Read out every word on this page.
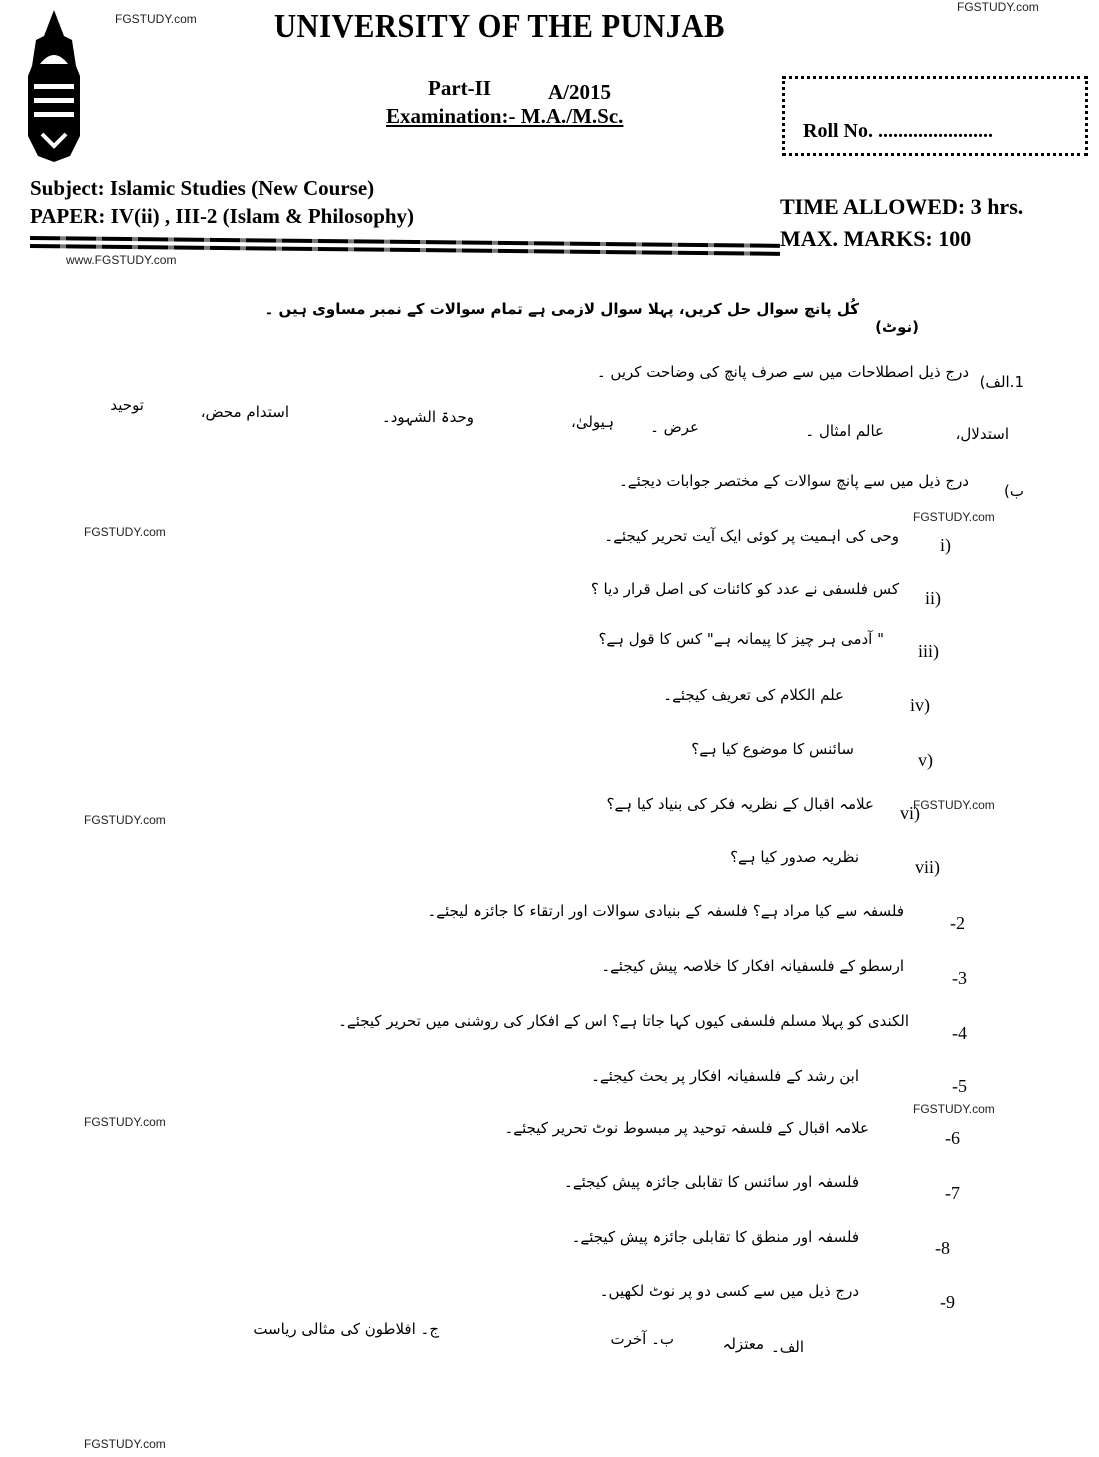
FGSTUDY.com
www.FGSTUDY.com
FGSTUDY.com
FGSTUDY.com
FGSTUDY.com
FGSTUDY.com
FGSTUDY.com
FGSTUDY.com
FGSTUDY.com
FGSTUDY.com
UNIVERSITY OF THE PUNJAB
Part-II	A/2015
Examination:- M.A./M.Sc.
Roll No. .......................
Subject: Islamic Studies (New Course)
PAPER: IV(ii) , III-2 (Islam & Philosophy)	TIME ALLOWED: 3 hrs.
MAX. MARKS: 100
(نوٹ)
کُل پانچ سوال حل کریں، پہلا سوال لازمی ہے تمام سوالات کے نمبر مساوی ہیں ۔
1.الف)
درج ذیل اصطلاحات میں سے صرف پانچ کی وضاحت کریں ۔
استدلال،
عالم امثال ۔
عرض ۔
ہیولیٰ،
وحدۃ الشہود۔
استدام محض،
توحید
ب)
درج ذیل میں سے پانچ سوالات کے مختصر جوابات دیجئے۔
i)
وحی کی اہمیت پر کوئی ایک آیت تحریر کیجئے۔
ii)
کس فلسفی نے عدد کو کائنات کی اصل قرار دیا ؟
iii)
" آدمی ہر چیز کا پیمانہ ہے" کس کا قول ہے؟
iv)
علم الکلام کی تعریف کیجئے۔
v)
سائنس کا موضوع کیا ہے؟
vi)
علامہ اقبال کے نظریہ فکر کی بنیاد کیا ہے؟
vii)
نظریہ صدور کیا ہے؟
-2
فلسفہ سے کیا مراد ہے؟ فلسفہ کے بنیادی سوالات اور ارتقاء کا جائزہ لیجئے۔
-3
ارسطو کے فلسفیانہ افکار کا خلاصہ پیش کیجئے۔
-4
الکندی کو پہلا مسلم فلسفی کیوں کہا جاتا ہے؟ اس کے افکار کی روشنی میں تحریر کیجئے۔
-5
ابن رشد کے فلسفیانہ افکار پر بحث کیجئے۔
-6
علامہ اقبال کے فلسفہ توحید پر مبسوط نوٹ تحریر کیجئے۔
-7
فلسفہ اور سائنس کا تقابلی جائزہ پیش کیجئے۔
-8
فلسفہ اور منطق کا تقابلی جائزہ پیش کیجئے۔
-9
درج ذیل میں سے کسی دو پر نوٹ لکھیں۔
الف۔
معتزلہ
ب۔ آخرت
ج۔ افلاطون کی مثالی ریاست
